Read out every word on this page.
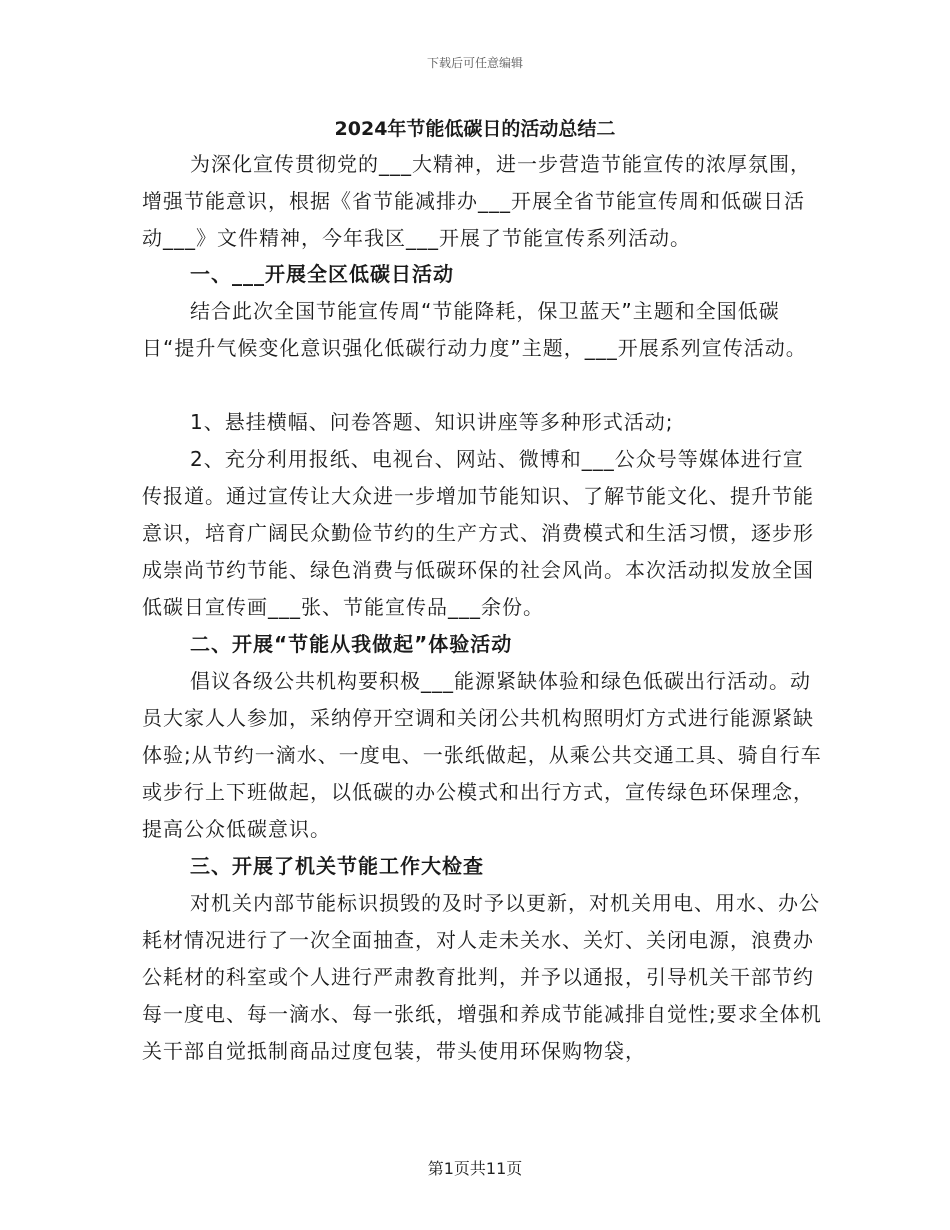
下载后可任意编辑
2024年节能低碳日的活动总结二

为深化宣传贯彻党的___大精神，进一步营造节能宣传的浓厚氛围，增强节能意识，根据《省节能减排办___开展全省节能宣传周和低碳日活动___》文件精神，今年我区___开展了节能宣传系列活动。

一、___开展全区低碳日活动

结合此次全国节能宣传周“节能降耗，保卫蓝天”主题和全国低碳日“提升气候变化意识强化低碳行动力度”主题，___开展系列宣传活动。

1、悬挂横幅、问卷答题、知识讲座等多种形式活动;

2、充分利用报纸、电视台、网站、微博和___公众号等媒体进行宣传报道。通过宣传让大众进一步增加节能知识、了解节能文化、提升节能意识，培育广阔民众勤俭节约的生产方式、消费模式和生活习惯，逐步形成崇尚节约节能、绿色消费与低碳环保的社会风尚。本次活动拟发放全国低碳日宣传画___张、节能宣传品___余份。

二、开展“节能从我做起”体验活动

倡议各级公共机构要积极___能源紧缺体验和绿色低碳出行活动。动员大家人人参加，采纳停开空调和关闭公共机构照明灯方式进行能源紧缺体验;从节约一滴水、一度电、一张纸做起，从乘公共交通工具、骑自行车或步行上下班做起，以低碳的办公模式和出行方式，宣传绿色环保理念，提高公众低碳意识。

三、开展了机关节能工作大检查

对机关内部节能标识损毁的及时予以更新，对机关用电、用水、办公耗材情况进行了一次全面抽查，对人走未关水、关灯、关闭电源，浪费办公耗材的科室或个人进行严肃教育批判，并予以通报，引导机关干部节约每一度电、每一滴水、每一张纸，增强和养成节能减排自觉性;要求全体机关干部自觉抵制商品过度包装，带头使用环保购物袋，

第1页共11页
